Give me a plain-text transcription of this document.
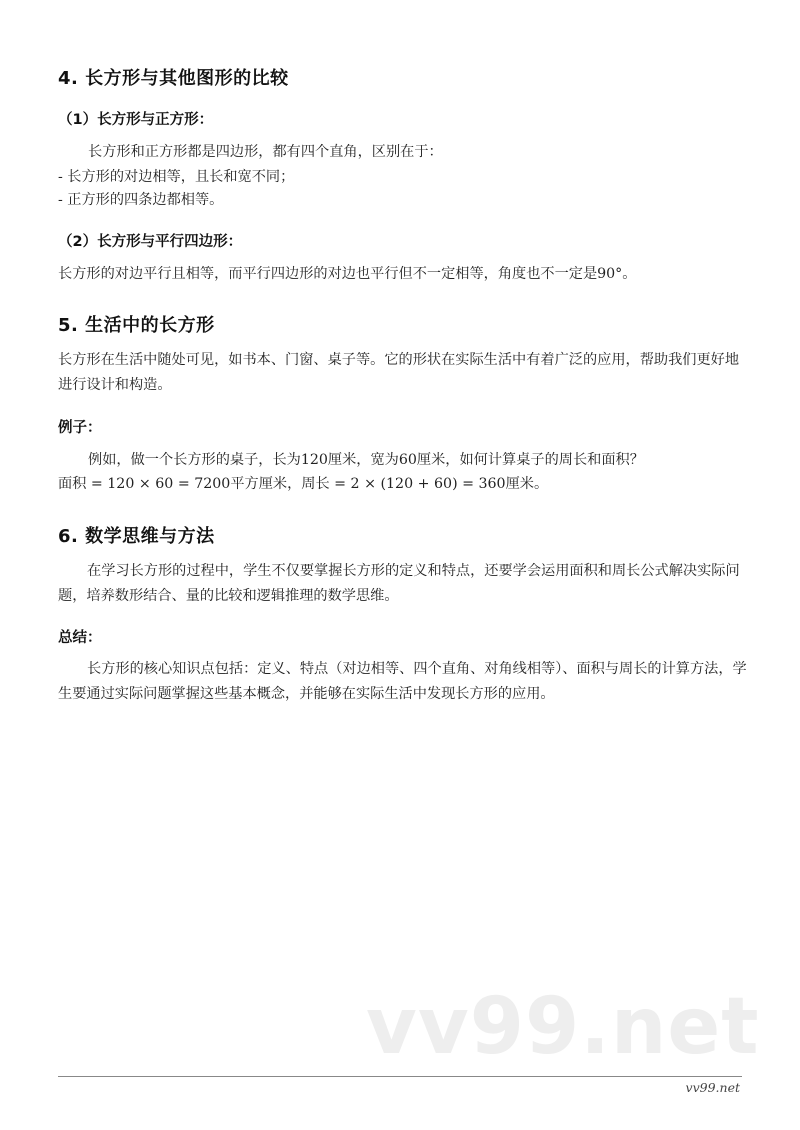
4. 长方形与其他图形的比较
（1）长方形与正方形：
长方形和正方形都是四边形，都有四个直角，区别在于：
- 长方形的对边相等，且长和宽不同；
- 正方形的四条边都相等。
（2）长方形与平行四边形：
长方形的对边平行且相等，而平行四边形的对边也平行但不一定相等，角度也不一定是90°。
5. 生活中的长方形
长方形在生活中随处可见，如书本、门窗、桌子等。它的形状在实际生活中有着广泛的应用，帮助我们更好地进行设计和构造。
例子：
例如，做一个长方形的桌子，长为120厘米，宽为60厘米，如何计算桌子的周长和面积？
面积 = 120 × 60 = 7200平方厘米，周长 = 2 × (120 + 60) = 360厘米。
6. 数学思维与方法
在学习长方形的过程中，学生不仅要掌握长方形的定义和特点，还要学会运用面积和周长公式解决实际问题，培养数形结合、量的比较和逻辑推理的数学思维。
总结：
长方形的核心知识点包括：定义、特点（对边相等、四个直角、对角线相等）、面积与周长的计算方法，学生要通过实际问题掌握这些基本概念，并能够在实际生活中发现长方形的应用。
vv99.net
vv99.net
